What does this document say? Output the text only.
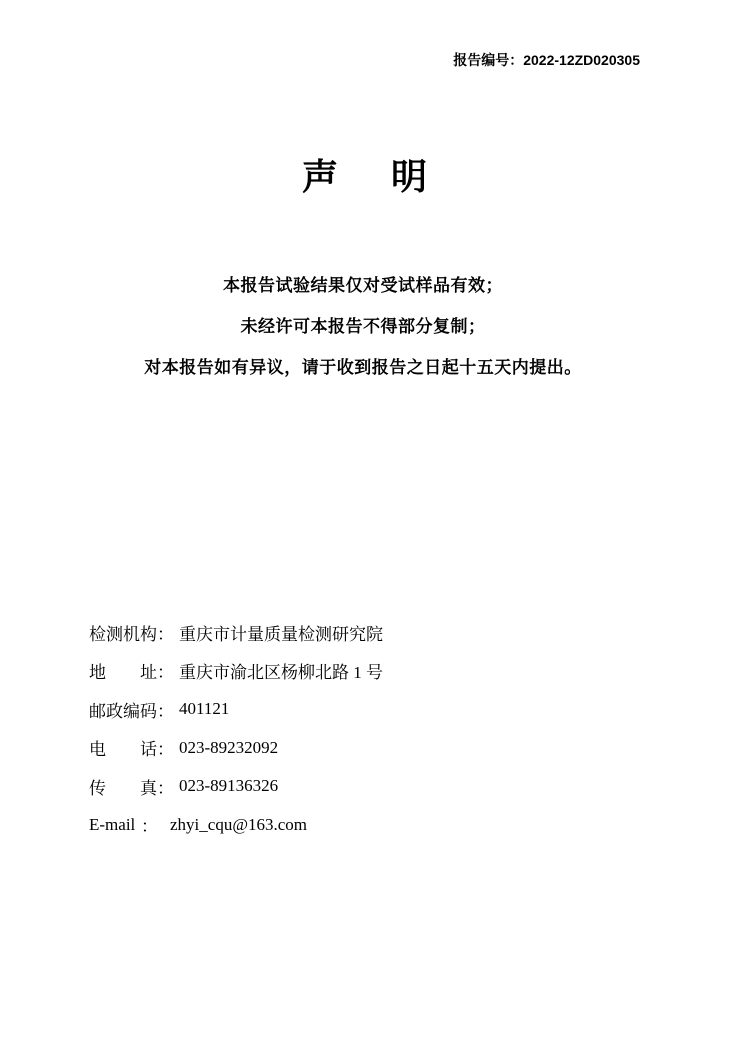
报告编号：2022-12ZD020305
声 明

本报告试验结果仅对受试样品有效；

未经许可本报告不得部分复制；

对本报告如有异议，请于收到报告之日起十五天内提出。

检测机构 ： 重庆市计量质量检测研究院
地址 ： 重庆市渝北区杨柳北路 1 号
邮政编码 ： 401121
电话 ： 023-89232092
传真 ： 023-89136326
E-mail ： zhyi_cqu@163.com
